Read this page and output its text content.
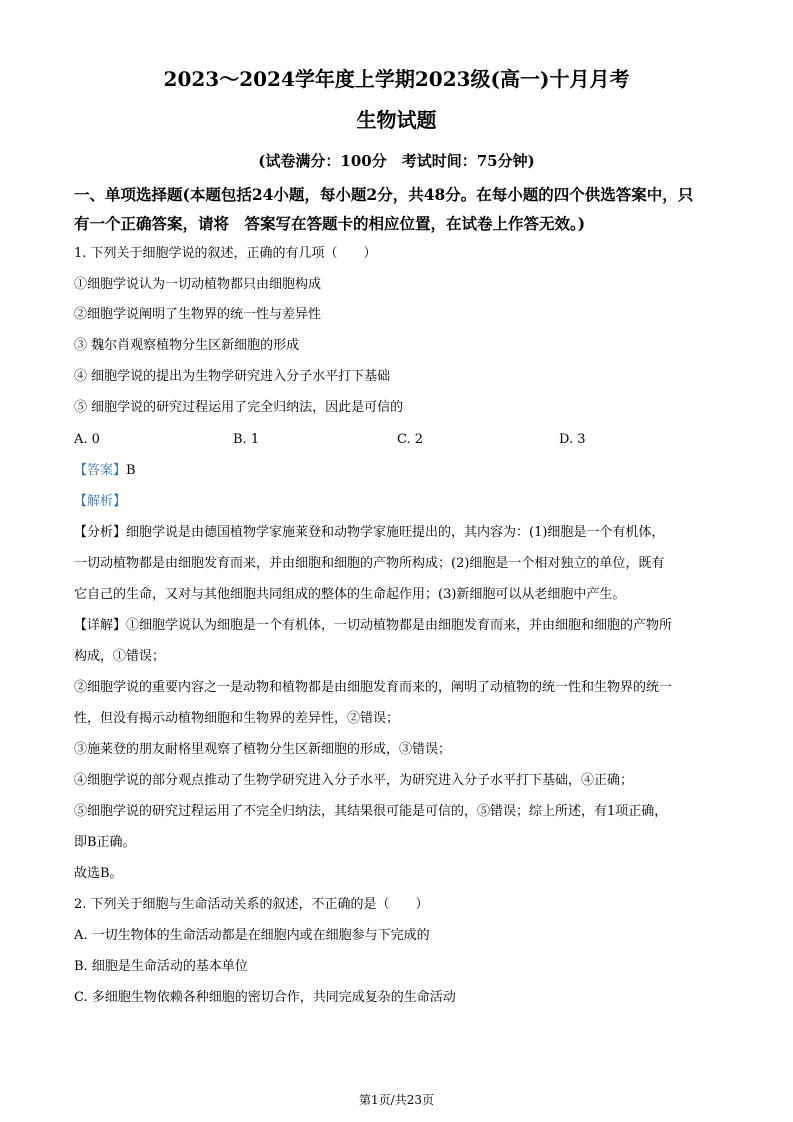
2023～2024学年度上学期2023级(高一)十月月考
生物试题
(试卷满分：100分　考试时间：75分钟)
一、单项选择题(本题包括24小题，每小题2分，共48分。在每小题的四个供选答案中，只
有一个正确答案，请将　答案写在答题卡的相应位置，在试卷上作答无效。)
1. 下列关于细胞学说的叙述，正确的有几项（　　）
①细胞学说认为一切动植物都只由细胞构成
②细胞学说阐明了生物界的统一性与差异性
③ 魏尔肖观察植物分生区新细胞的形成
④ 细胞学说的提出为生物学研究进入分子水平打下基础
⑤ 细胞学说的研究过程运用了完全归纳法，因此是可信的
A. 0	B. 1	C. 2	D. 3
【答案】B
【解析】
【分析】细胞学说是由德国植物学家施莱登和动物学家施旺提出的，其内容为：(1)细胞是一个有机体，
一切动植物都是由细胞发育而来，并由细胞和细胞的产物所构成；(2)细胞是一个相对独立的单位，既有
它自己的生命，又对与其他细胞共同组成的整体的生命起作用；(3)新细胞可以从老细胞中产生。
【详解】①细胞学说认为细胞是一个有机体，一切动植物都是由细胞发育而来，并由细胞和细胞的产物所
构成，①错误；
②细胞学说的重要内容之一是动物和植物都是由细胞发育而来的，阐明了动植物的统一性和生物界的统一
性，但没有揭示动植物细胞和生物界的差异性，②错误；
③施莱登的朋友耐格里观察了植物分生区新细胞的形成，③错误；
④细胞学说的部分观点推动了生物学研究进入分子水平，为研究进入分子水平打下基础，④正确；
⑤细胞学说的研究过程运用了不完全归纳法，其结果很可能是可信的，⑤错误；综上所述，有1项正确，
即B正确。
故选B。
2. 下列关于细胞与生命活动关系的叙述，不正确的是（　　）
A. 一切生物体的生命活动都是在细胞内或在细胞参与下完成的
B. 细胞是生命活动的基本单位
C. 多细胞生物依赖各种细胞的密切合作，共同完成复杂的生命活动
第1页/共23页
